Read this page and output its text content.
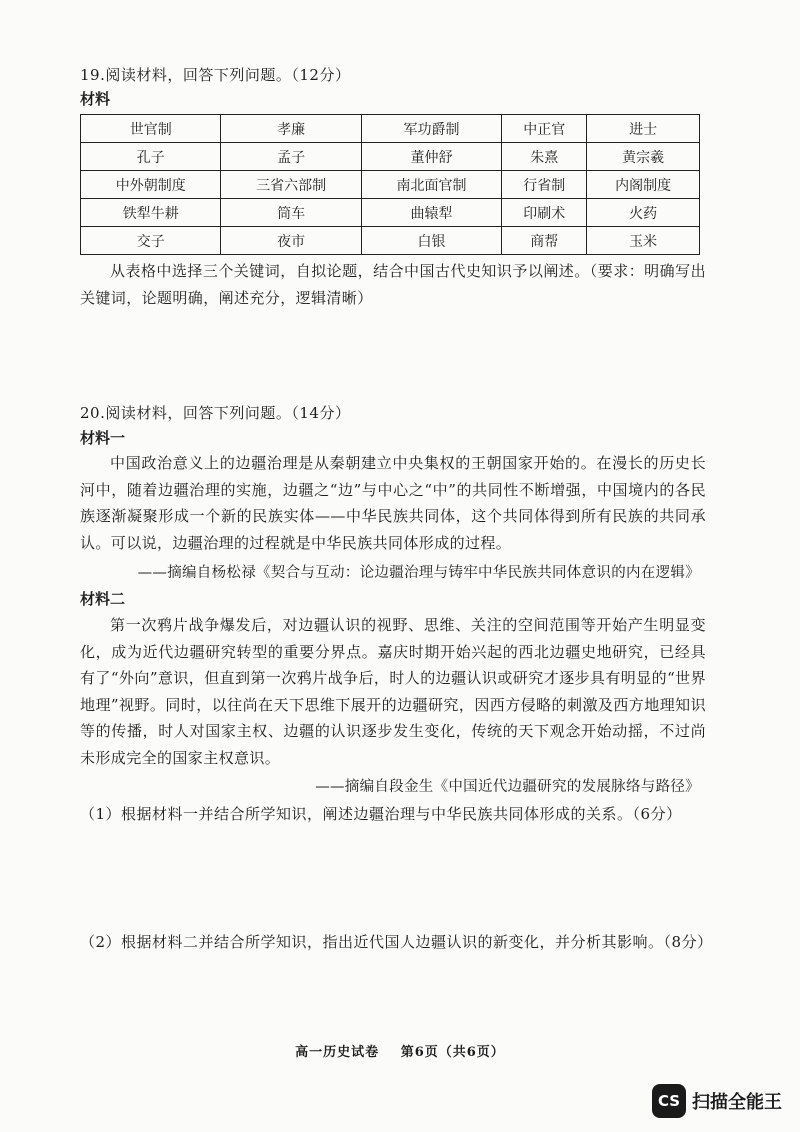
19.阅读材料，回答下列问题。（12分）
材料
世官制	孝廉	军功爵制	中正官	进士
孔子	孟子	董仲舒	朱熹	黄宗羲
中外朝制度	三省六部制	南北面官制	行省制	内阁制度
铁犁牛耕	筒车	曲辕犁	印刷术	火药
交子	夜市	白银	商帮	玉米

从表格中选择三个关键词，自拟论题，结合中国古代史知识予以阐述。（要求：明确写出关键词，论题明确，阐述充分，逻辑清晰）

20.阅读材料，回答下列问题。（14分）
材料一

中国政治意义上的边疆治理是从秦朝建立中央集权的王朝国家开始的。在漫长的历史长河中，随着边疆治理的实施，边疆之“边”与中心之“中”的共同性不断增强，中国境内的各民族逐渐凝聚形成一个新的民族实体——中华民族共同体，这个共同体得到所有民族的共同承认。可以说，边疆治理的过程就是中华民族共同体形成的过程。

——摘编自杨松禄《契合与互动：论边疆治理与铸牢中华民族共同体意识的内在逻辑》
材料二

第一次鸦片战争爆发后，对边疆认识的视野、思维、关注的空间范围等开始产生明显变化，成为近代边疆研究转型的重要分界点。嘉庆时期开始兴起的西北边疆史地研究，已经具有了“外向”意识，但直到第一次鸦片战争后，时人的边疆认识或研究才逐步具有明显的“世界地理”视野。同时，以往尚在天下思维下展开的边疆研究，因西方侵略的刺激及西方地理知识等的传播，时人对国家主权、边疆的认识逐步发生变化，传统的天下观念开始动摇，不过尚未形成完全的国家主权意识。

——摘编自段金生《中国近代边疆研究的发展脉络与路径》
（1）根据材料一并结合所学知识，阐述边疆治理与中华民族共同体形成的关系。（6分）
（2）根据材料二并结合所学知识，指出近代国人边疆认识的新变化，并分析其影响。（8分）
高一历史试卷 第6页（共6页）
CS 扫描全能王
